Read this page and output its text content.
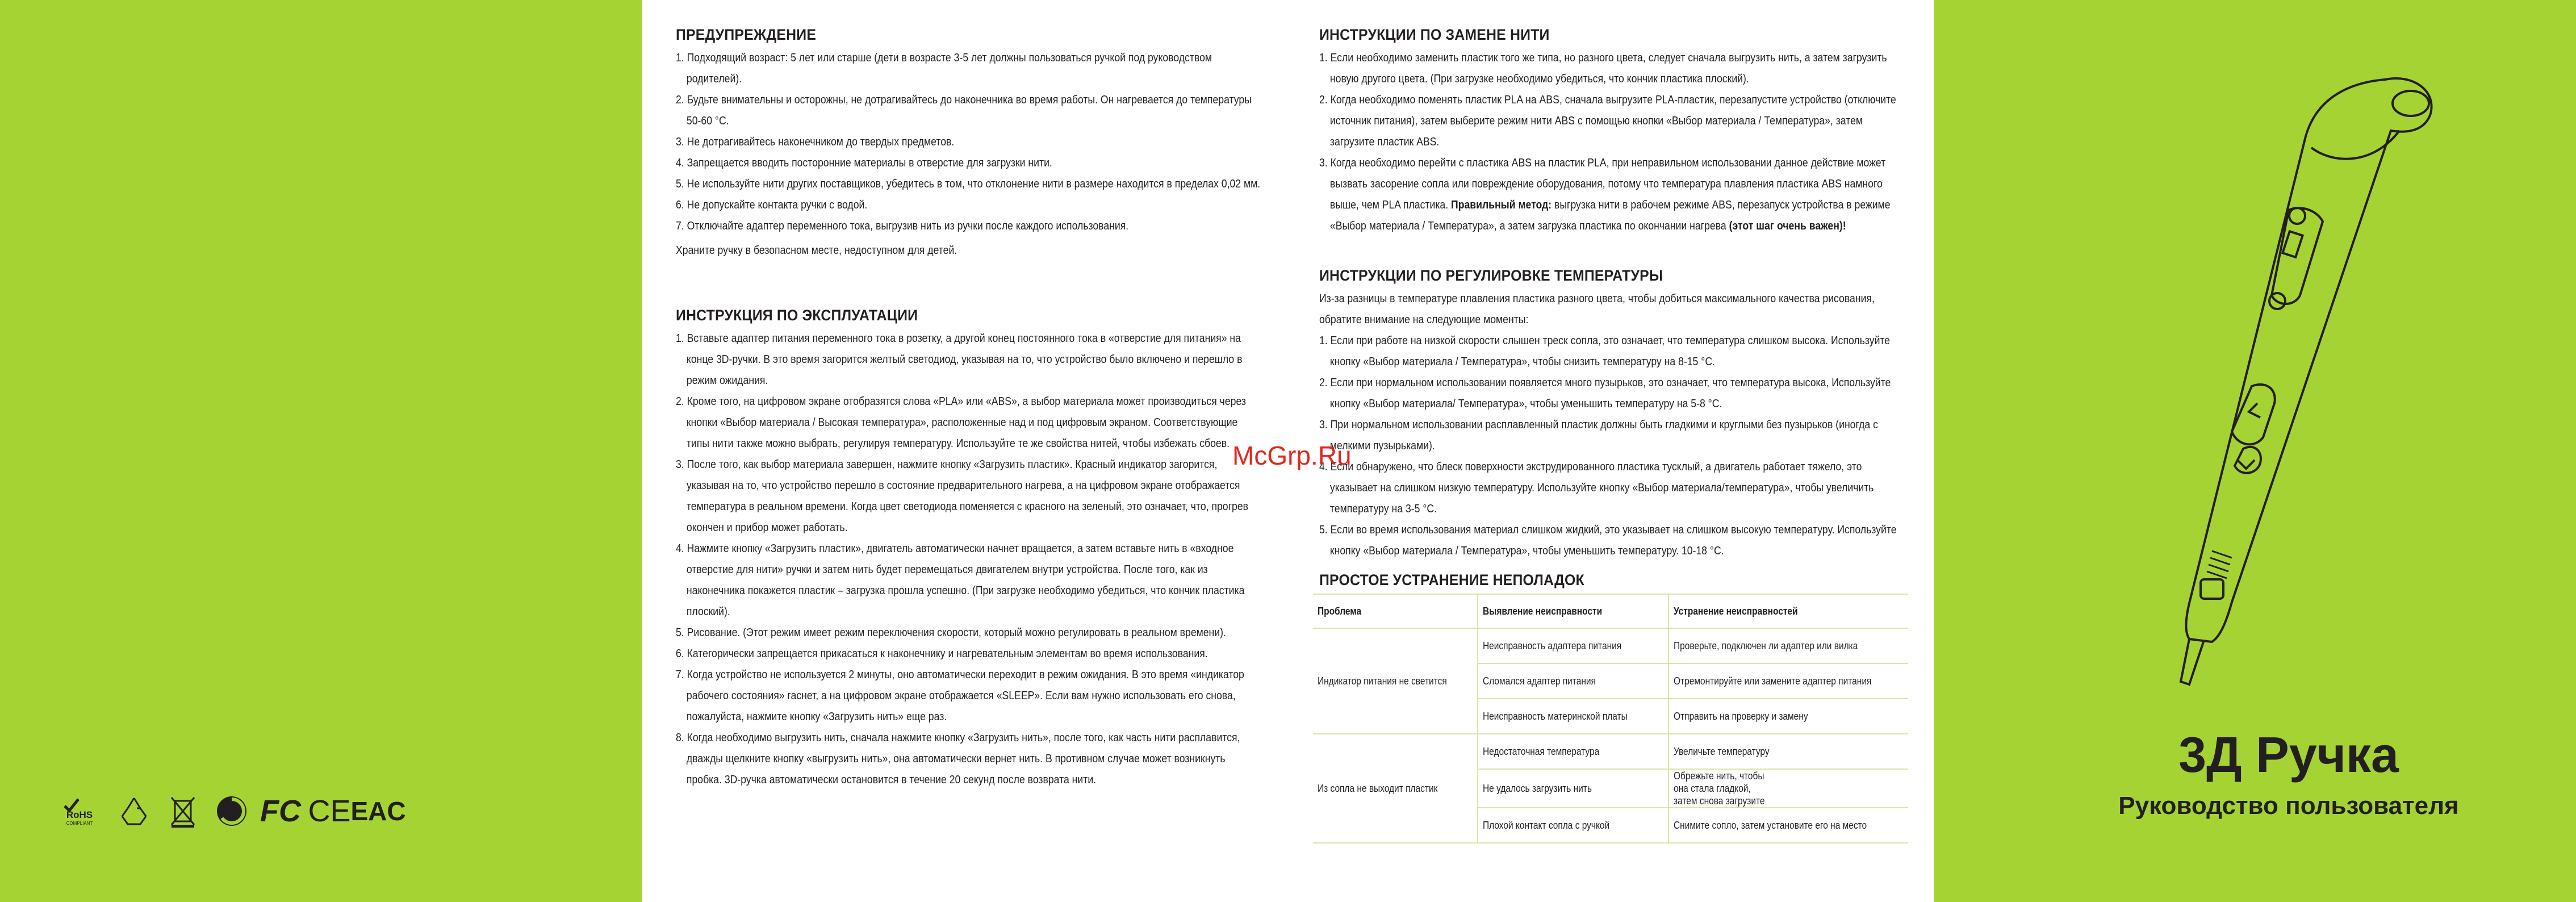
RoHS
COMPLIANT	FC CE EAC
ПРЕДУПРЕЖДЕНИЕ

1. Подходящий возраст: 5 лет или старше (дети в возрасте 3-5 лет должны пользоваться ручкой под руководством родителей).

2. Будьте внимательны и осторожны, не дотрагивайтесь до наконечника во время работы. Он нагревается до температуры 50-60 °С.

3. Не дотрагивайтесь наконечником до твердых предметов.

4. Запрещается вводить посторонние материалы в отверстие для загрузки нити.

5. Не используйте нити других поставщиков, убедитесь в том, что отклонение нити в размере находится в пределах 0,02 мм.

6. Не допускайте контакта ручки с водой.

7. Отключайте адаптер переменного тока, выгрузив нить из ручки после каждого использования.

Храните ручку в безопасном месте, недоступном для детей.

ИНСТРУКЦИЯ ПО ЭКСПЛУАТАЦИИ

1. Вставьте адаптер питания переменного тока в розетку, а другой конец постоянного тока в «отверстие для питания» на конце 3D-ручки. В это время загорится желтый светодиод, указывая на то, что устройство было включено и перешло в режим ожидания.

2. Кроме того, на цифровом экране отобразятся слова «PLA» или «ABS», а выбор материала может производиться через кнопки «Выбор материала / Высокая температура», расположенные над и под цифровым экраном. Соответствующие типы нити также можно выбрать, регулируя температуру. Используйте те же свойства нитей, чтобы избежать сбоев.

3. После того, как выбор материала завершен, нажмите кнопку «Загрузить пластик». Красный индикатор загорится, указывая на то, что устройство перешло в состояние предварительного нагрева, а на цифровом экране отображается температура в реальном времени. Когда цвет светодиода поменяется с красного на зеленый, это означает, что, прогрев окончен и прибор может работать.

4. Нажмите кнопку «Загрузить пластик», двигатель автоматически начнет вращается, а затем вставьте нить в «входное отверстие для нити» ручки и затем нить будет перемещаться двигателем внутри устройства. После того, как из наконечника покажется пластик – загрузка прошла успешно. (При загрузке необходимо убедиться, что кончик пластика плоский).

5. Рисование. (Этот режим имеет режим переключения скорости, который можно регулировать в реальном времени).

6. Категорически запрещается прикасаться к наконечнику и нагревательным элементам во время использования.

7. Когда устройство не используется 2 минуты, оно автоматически переходит в режим ожидания. В это время «индикатор рабочего состояния» гаснет, а на цифровом экране отображается «SLEEP». Если вам нужно использовать его снова, пожалуйста, нажмите кнопку «Загрузить нить» еще раз.

8. Когда необходимо выгрузить нить, сначала нажмите кнопку «Загрузить нить», после того, как часть нити расплавится, дважды щелкните кнопку «выгрузить нить», она автоматически вернет нить. В противном случае может возникнуть пробка. 3D-ручка автоматически остановится в течение 20 секунд после возврата нити.

ИНСТРУКЦИИ ПО ЗАМЕНЕ НИТИ

1. Если необходимо заменить пластик того же типа, но разного цвета, следует сначала выгрузить нить, а затем загрузить новую другого цвета. (При загрузке необходимо убедиться, что кончик пластика плоский).

2. Когда необходимо поменять пластик PLA на ABS, сначала выгрузите PLA-пластик, перезапустите устройство (отключите источник питания), затем выберите режим нити ABS с помощью кнопки «Выбор материала / Температура», затем загрузите пластик ABS.

3. Когда необходимо перейти с пластика ABS на пластик PLA, при неправильном использовании данное действие может вызвать засорение сопла или повреждение оборудования, потому что температура плавления пластика ABS намного выше, чем PLA пластика. Правильный метод: выгрузка нити в рабочем режиме ABS, перезапуск устройства в режиме «Выбор материала / Температура», а затем загрузка пластика по окончании нагрева (этот шаг очень важен)!

ИНСТРУКЦИИ ПО РЕГУЛИРОВКЕ ТЕМПЕРАТУРЫ

Из-за разницы в температуре плавления пластика разного цвета, чтобы добиться максимального качества рисования, обратите внимание на следующие моменты:

1. Если при работе на низкой скорости слышен треск сопла, это означает, что температура слишком высока. Используйте кнопку «Выбор материала / Температура», чтобы снизить температуру на 8-15 °С.

2. Если при нормальном использовании появляется много пузырьков, это означает, что температура высока, Используйте кнопку «Выбор материала/ Температура», чтобы уменьшить температуру на 5-8 °С.

3. При нормальном использовании расплавленный пластик должны быть гладкими и круглыми без пузырьков (иногда с мелкими пузырьками).

4. Если обнаружено, что блеск поверхности экструдированного пластика тусклый, а двигатель работает тяжело, это указывает на слишком низкую температуру. Используйте кнопку «Выбор материала/температура», чтобы увеличить температуру на 3-5 °С.

5. Если во время использования материал слишком жидкий, это указывает на слишком высокую температуру. Используйте кнопку «Выбор материала / Температура», чтобы уменьшить температуру. 10-18 °С.

ПРОСТОЕ УСТРАНЕНИЕ НЕПОЛАДОК
Проблема	Выявление неисправности	Устранение неисправностей
Индикатор питания не светится	Неисправность адаптера питания	Проверьте, подключен ли адаптер или вилка
	Сломался адаптер питания	Отремонтируйте или замените адаптер питания
	Неисправность материнской платы	Отправить на проверку и замену
Из сопла не выходит пластик	Недостаточная температура	Увеличьте температуру
	Не удалось загрузить нить	Обрежьте нить, чтобы она стала гладкой, затем снова загрузите
	Плохой контакт сопла с ручкой	Снимите сопло, затем установите его на место
McGrp.Ru
3Д Ручка
Руководство пользователя
